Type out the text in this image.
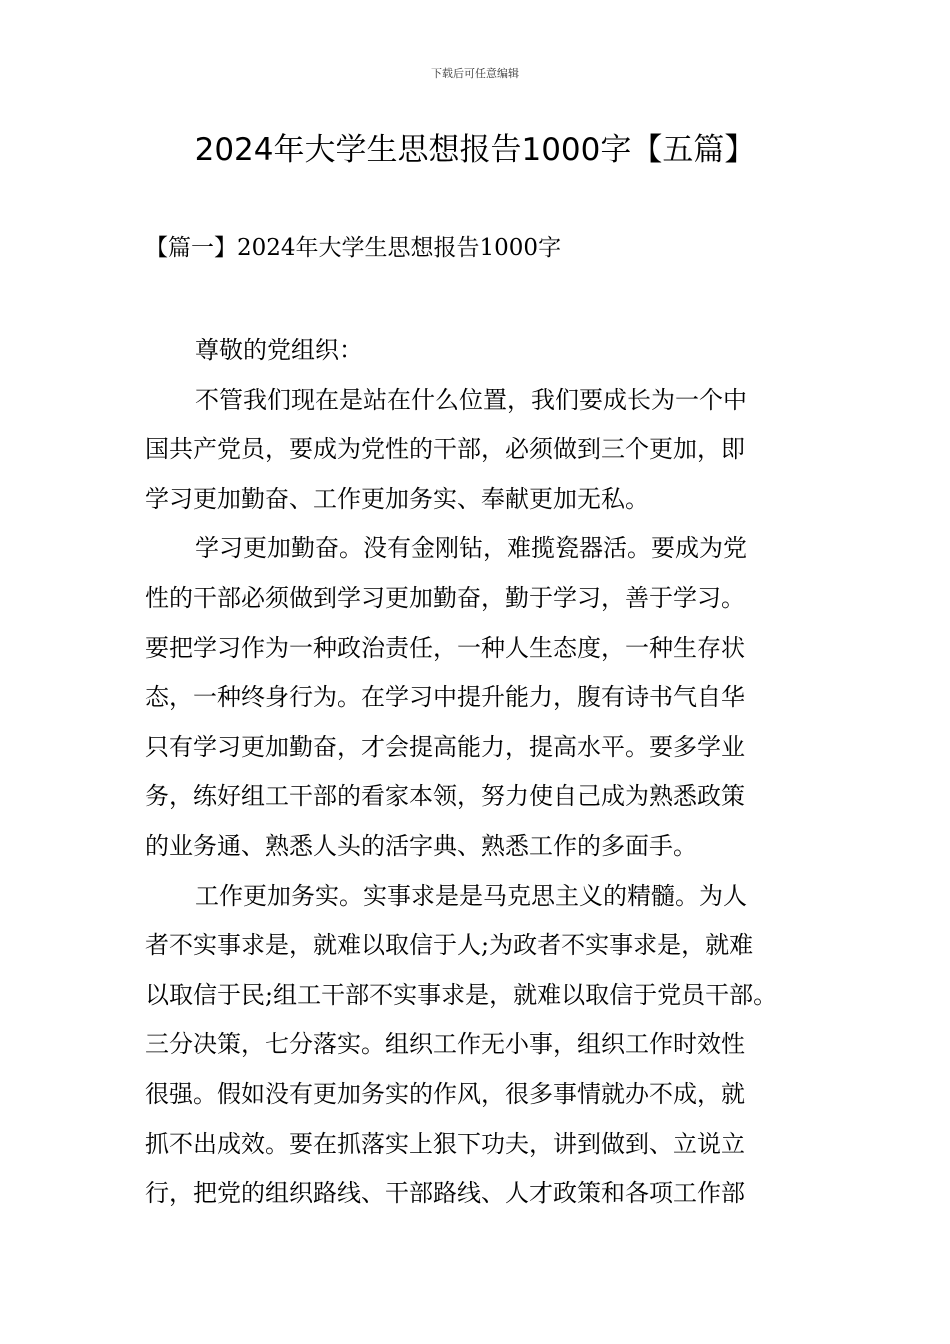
下载后可任意编辑
2024年大学生思想报告1000字【五篇】
【篇一】2024年大学生思想报告1000字

尊敬的党组织：

不管我们现在是站在什么位置，我们要成长为一个中
国共产党员，要成为党性的干部，必须做到三个更加，即
学习更加勤奋、工作更加务实、奉献更加无私。

学习更加勤奋。没有金刚钻，难揽瓷器活。要成为党
性的干部必须做到学习更加勤奋，勤于学习，善于学习。
要把学习作为一种政治责任，一种人生态度，一种生存状
态，一种终身行为。在学习中提升能力，腹有诗书气自华
只有学习更加勤奋，才会提高能力，提高水平。要多学业
务，练好组工干部的看家本领，努力使自己成为熟悉政策
的业务通、熟悉人头的活字典、熟悉工作的多面手。

工作更加务实。实事求是是马克思主义的精髓。为人
者不实事求是，就难以取信于人;为政者不实事求是，就难
以取信于民;组工干部不实事求是，就难以取信于党员干部。
三分决策，七分落实。组织工作无小事，组织工作时效性
很强。假如没有更加务实的作风，很多事情就办不成，就
抓不出成效。要在抓落实上狠下功夫，讲到做到、立说立
行，把党的组织路线、干部路线、人才政策和各项工作部
